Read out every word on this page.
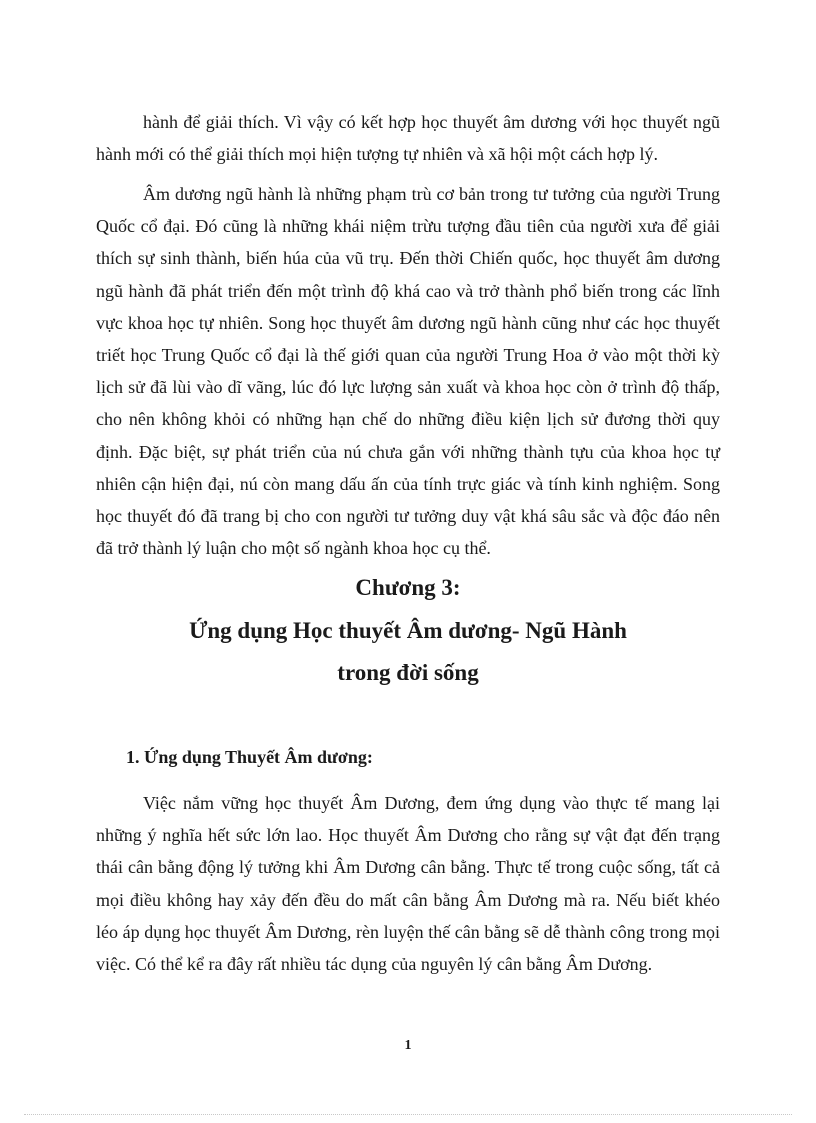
hành để giải thích. Vì vậy có kết hợp học thuyết âm dương với học thuyết ngũ hành mới có thể giải thích mọi hiện tượng tự nhiên và xã hội một cách hợp lý.

Âm dương ngũ hành là những phạm trù cơ bản trong tư tưởng của người Trung Quốc cổ đại. Đó cũng là những khái niệm trừu tượng đầu tiên của người xưa để giải thích sự sinh thành, biến húa của vũ trụ. Đến thời Chiến quốc, học thuyết âm dương ngũ hành đã phát triển đến một trình độ khá cao và trở thành phổ biến trong các lĩnh vực khoa học tự nhiên. Song học thuyết âm dương ngũ hành cũng như các học thuyết triết học Trung Quốc cổ đại là thế giới quan của người Trung Hoa ở vào một thời kỳ lịch sử đã lùi vào dĩ vãng, lúc đó lực lượng sản xuất và khoa học còn ở trình độ thấp, cho nên không khỏi có những hạn chế do những điều kiện lịch sử đương thời quy định. Đặc biệt, sự phát triển của nú chưa gắn với những thành tựu của khoa học tự nhiên cận hiện đại, nú còn mang dấu ấn của tính trực giác và tính kinh nghiệm. Song học thuyết đó đã trang bị cho con người tư tưởng duy vật khá sâu sắc và độc đáo nên đã trở thành lý luận cho một số ngành khoa học cụ thể.

Chương 3:
Ứng dụng Học thuyết Âm dương- Ngũ Hành
trong đời sống
1. Ứng dụng Thuyết Âm dương:

Việc nắm vững học thuyết Âm Dương, đem ứng dụng vào thực tế mang lại những ý nghĩa hết sức lớn lao. Học thuyết Âm Dương cho rằng sự vật đạt đến trạng thái cân bằng động lý tưởng khi Âm Dương cân bằng. Thực tế trong cuộc sống, tất cả mọi điều không hay xảy đến đều do mất cân bằng Âm Dương mà ra. Nếu biết khéo léo áp dụng học thuyết Âm Dương, rèn luyện thế cân bằng sẽ dễ thành công trong mọi việc. Có thể kể ra đây rất nhiều tác dụng của nguyên lý cân bằng Âm Dương.

1
